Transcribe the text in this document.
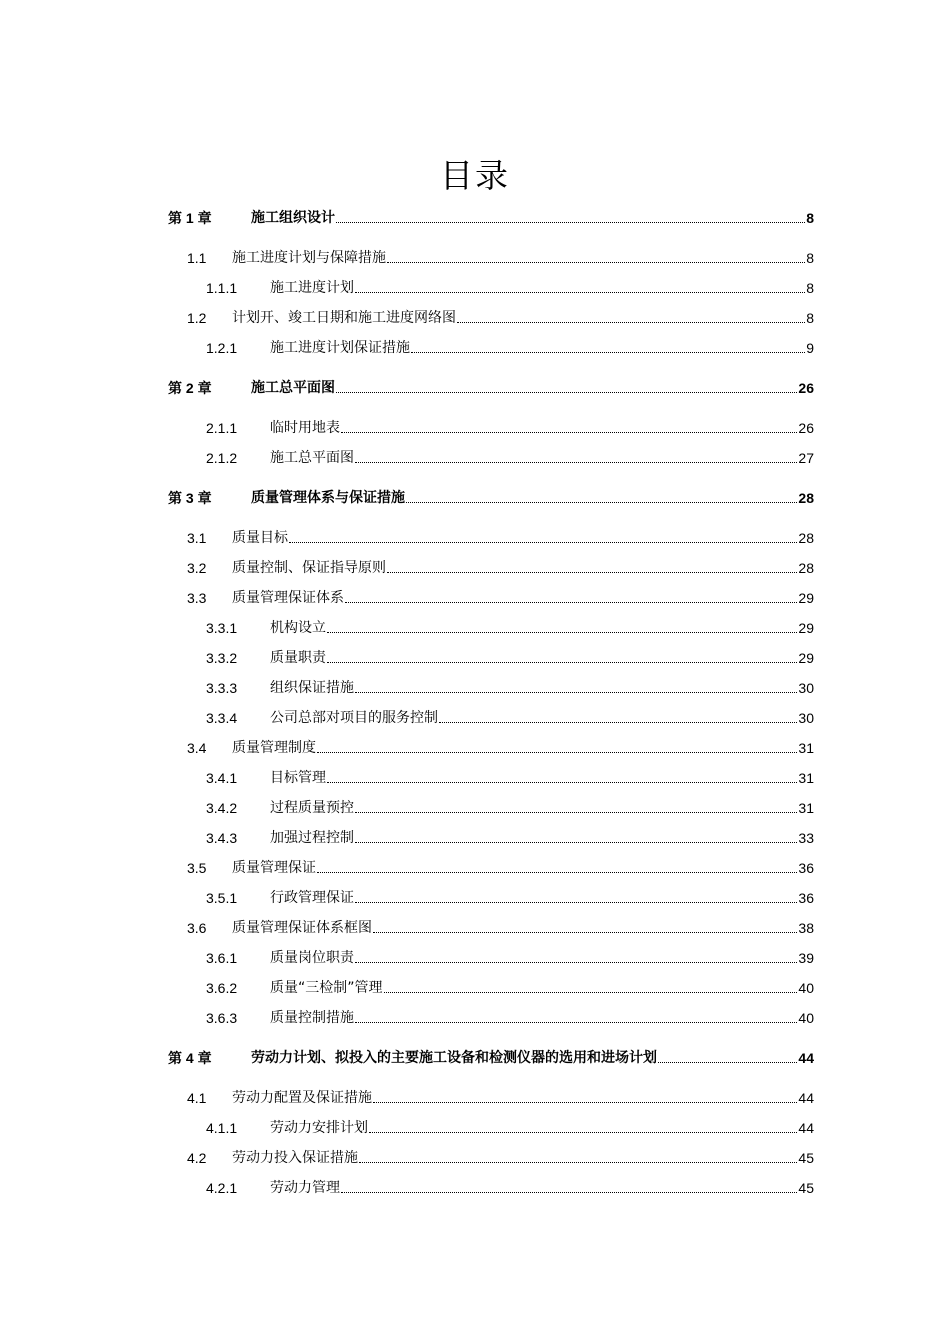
目录
第 1 章	施工组织设计	8
1.1	施工进度计划与保障措施	8
1.1.1	施工进度计划	8
1.2	计划开、竣工日期和施工进度网络图	8
1.2.1	施工进度计划保证措施	9
第 2 章	施工总平面图	26
2.1.1	临时用地表	26
2.1.2	施工总平面图	27
第 3 章	质量管理体系与保证措施	28
3.1	质量目标	28
3.2	质量控制、保证指导原则	28
3.3	质量管理保证体系	29
3.3.1	机构设立	29
3.3.2	质量职责	29
3.3.3	组织保证措施	30
3.3.4	公司总部对项目的服务控制	30
3.4	质量管理制度	31
3.4.1	目标管理	31
3.4.2	过程质量预控	31
3.4.3	加强过程控制	33
3.5	质量管理保证	36
3.5.1	行政管理保证	36
3.6	质量管理保证体系框图	38
3.6.1	质量岗位职责	39
3.6.2	质量“三检制”管理	40
3.6.3	质量控制措施	40
第 4 章	劳动力计划、拟投入的主要施工设备和检测仪器的选用和进场计划	44
4.1	劳动力配置及保证措施	44
4.1.1	劳动力安排计划	44
4.2	劳动力投入保证措施	45
4.2.1	劳动力管理	45
